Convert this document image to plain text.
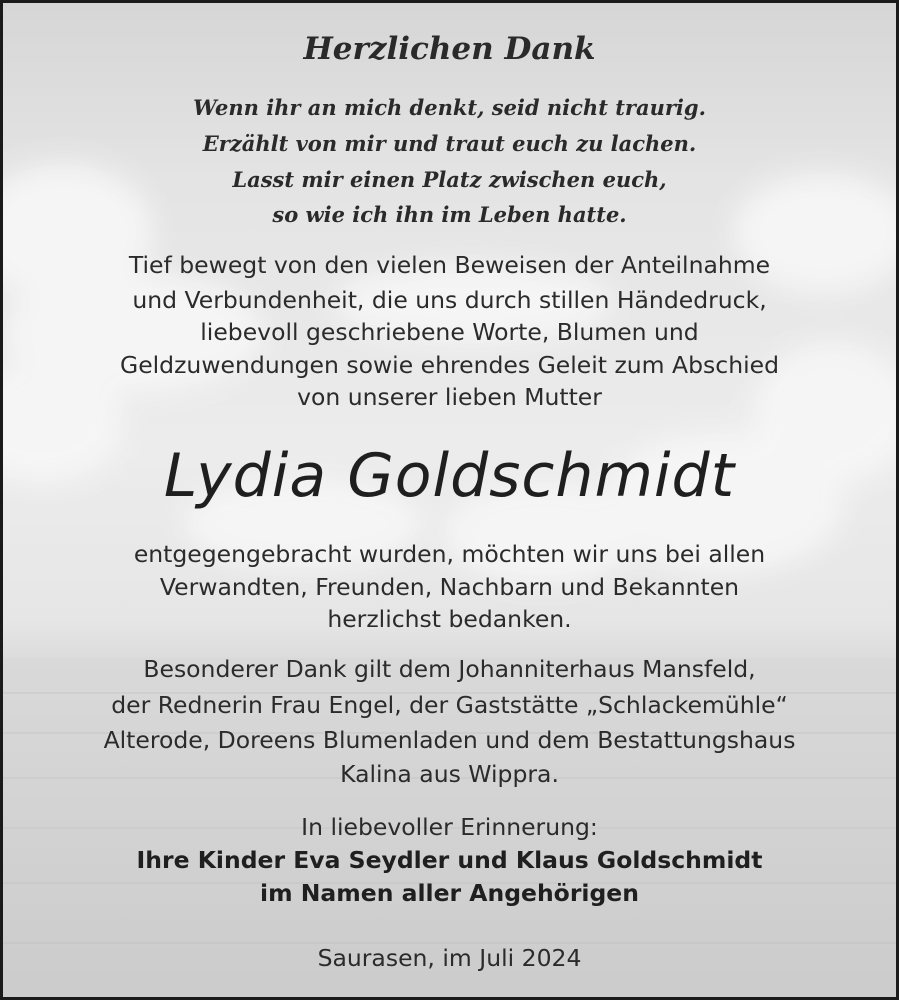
Herzlichen Dank
Wenn ihr an mich denkt, seid nicht traurig.
Erzählt von mir und traut euch zu lachen.
Lasst mir einen Platz zwischen euch,
so wie ich ihn im Leben hatte.
Tief bewegt von den vielen Beweisen der Anteilnahme
und Verbundenheit, die uns durch stillen Händedruck,
liebevoll geschriebene Worte, Blumen und
Geldzuwendungen sowie ehrendes Geleit zum Abschied
von unserer lieben Mutter
Lydia Goldschmidt
entgegengebracht wurden, möchten wir uns bei allen
Verwandten, Freunden, Nachbarn und Bekannten
herzlichst bedanken.
Besonderer Dank gilt dem Johanniterhaus Mansfeld,
der Rednerin Frau Engel, der Gaststätte „Schlackemühle“
Alterode, Doreens Blumenladen und dem Bestattungshaus
Kalina aus Wippra.
In liebevoller Erinnerung:
Ihre Kinder Eva Seydler und Klaus Goldschmidt
im Namen aller Angehörigen
Saurasen, im Juli 2024
